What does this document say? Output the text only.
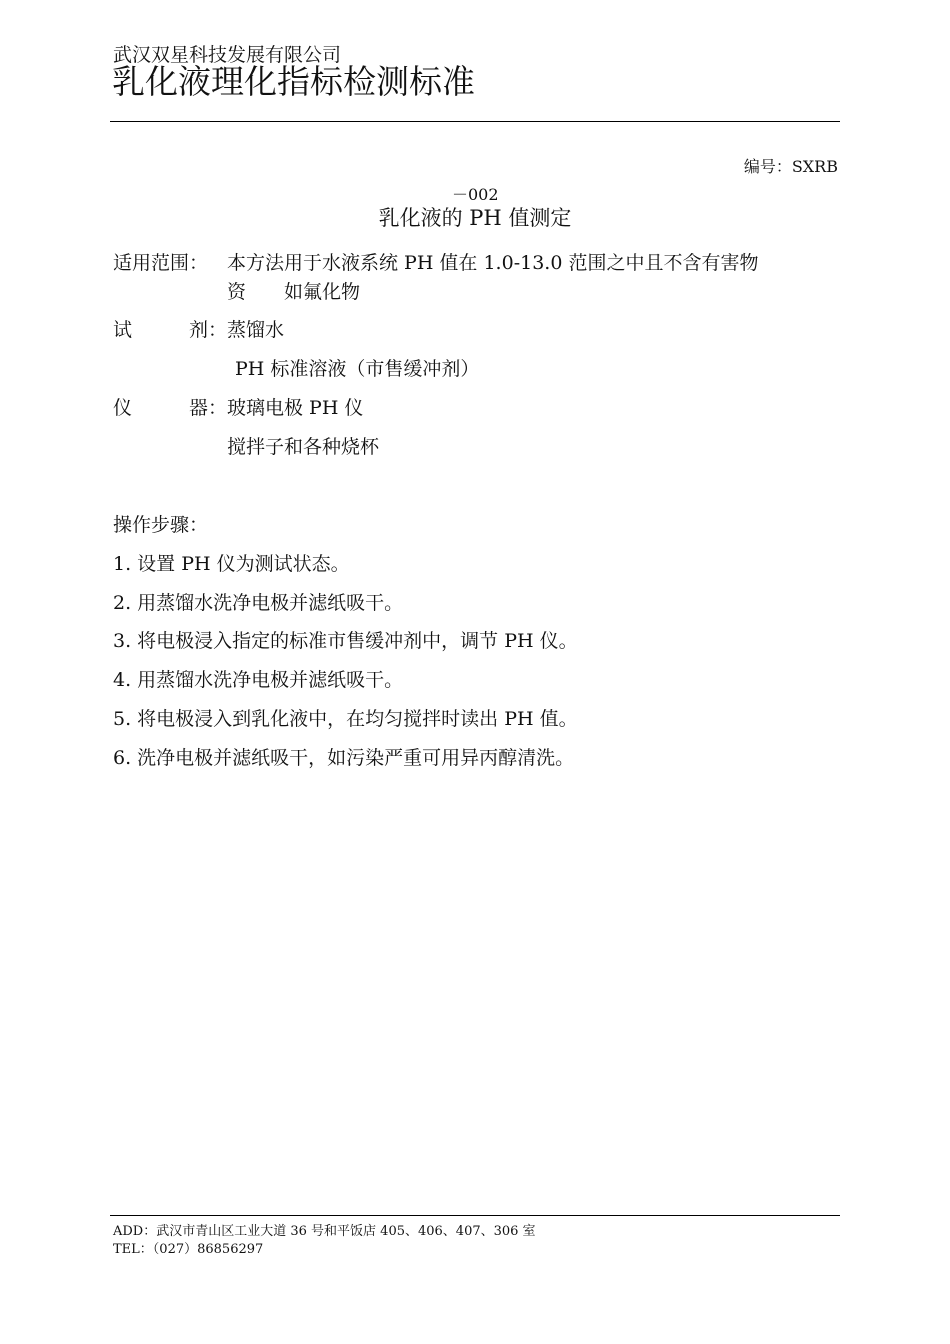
武汉双星科技发展有限公司
乳化液理化指标检测标准
编号：SXRB
－002
乳化液的 PH 值测定
适用范围： 本方法用于水液系统 PH 值在 1.0-13.0 范围之中且不含有害物
资　　如氟化物
试	剂： 蒸馏水
PH 标准溶液（市售缓冲剂）
仪	器： 玻璃电极 PH 仪
搅拌子和各种烧杯
操作步骤：
1. 设置 PH 仪为测试状态。
2. 用蒸馏水洗净电极并滤纸吸干。
3. 将电极浸入指定的标准市售缓冲剂中，调节 PH 仪。
4. 用蒸馏水洗净电极并滤纸吸干。
5. 将电极浸入到乳化液中，在均匀搅拌时读出 PH 值。
6. 洗净电极并滤纸吸干，如污染严重可用异丙醇清洗。
ADD：武汉市青山区工业大道 36 号和平饭店 405、406、407、306 室
TEL：（027）86856297
